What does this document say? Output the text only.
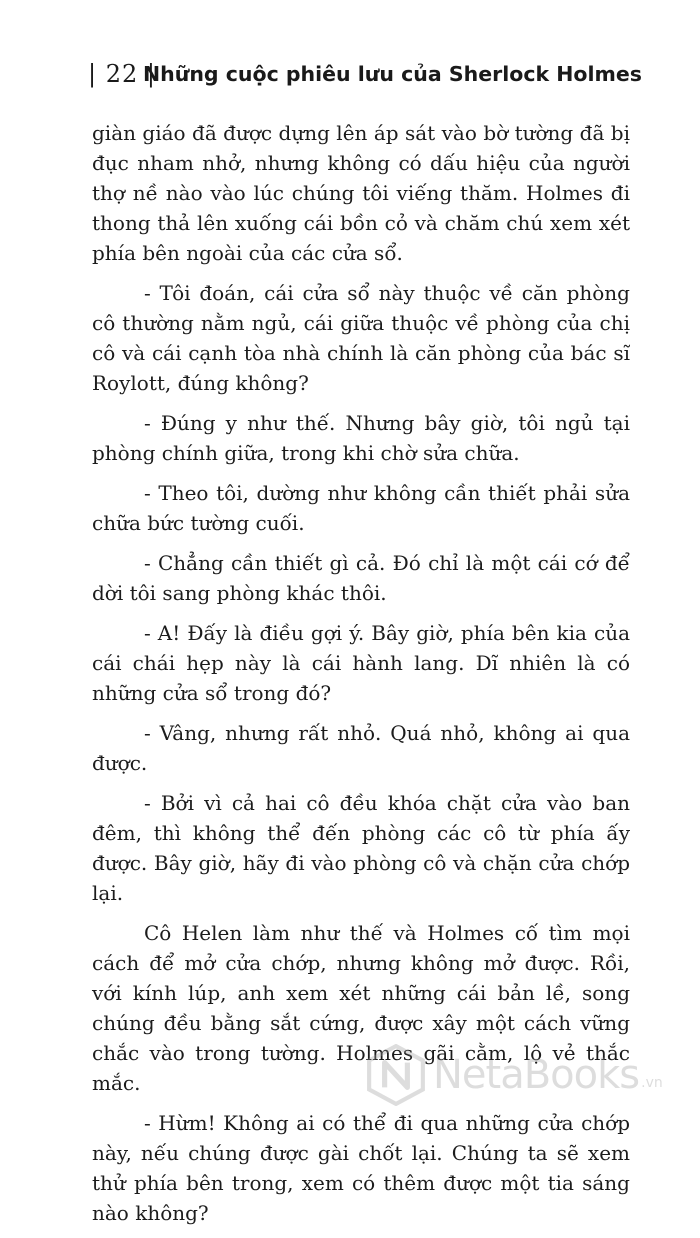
| 22 |
Những cuộc phiêu lưu của Sherlock Holmes

giàn giáo đã được dựng lên áp sát vào bờ tường đã bị đục nham nhở, nhưng không có dấu hiệu của người thợ nề nào vào lúc chúng tôi viếng thăm. Holmes đi thong thả lên xuống cái bồn cỏ và chăm chú xem xét phía bên ngoài của các cửa sổ.

- Tôi đoán, cái cửa sổ này thuộc về căn phòng cô thường nằm ngủ, cái giữa thuộc về phòng của chị cô và cái cạnh tòa nhà chính là căn phòng của bác sĩ Roylott, đúng không?

- Đúng y như thế. Nhưng bây giờ, tôi ngủ tại phòng chính giữa, trong khi chờ sửa chữa.

- Theo tôi, dường như không cần thiết phải sửa chữa bức tường cuối.

- Chẳng cần thiết gì cả. Đó chỉ là một cái cớ để dời tôi sang phòng khác thôi.

- A! Đấy là điều gợi ý. Bây giờ, phía bên kia của cái chái hẹp này là cái hành lang. Dĩ nhiên là có những cửa sổ trong đó?

- Vâng, nhưng rất nhỏ. Quá nhỏ, không ai qua được.

- Bởi vì cả hai cô đều khóa chặt cửa vào ban đêm, thì không thể đến phòng các cô từ phía ấy được. Bây giờ, hãy đi vào phòng cô và chặn cửa chớp lại.

Cô Helen làm như thế và Holmes cố tìm mọi cách để mở cửa chớp, nhưng không mở được. Rồi, với kính lúp, anh xem xét những cái bản lề, song chúng đều bằng sắt cứng, được xây một cách vững chắc vào trong tường. Holmes gãi cằm, lộ vẻ thắc mắc.

- Hừm! Không ai có thể đi qua những cửa chớp này, nếu chúng được gài chốt lại. Chúng ta sẽ xem thử phía bên trong, xem có thêm được một tia sáng nào không?

NetaBooks .vn
